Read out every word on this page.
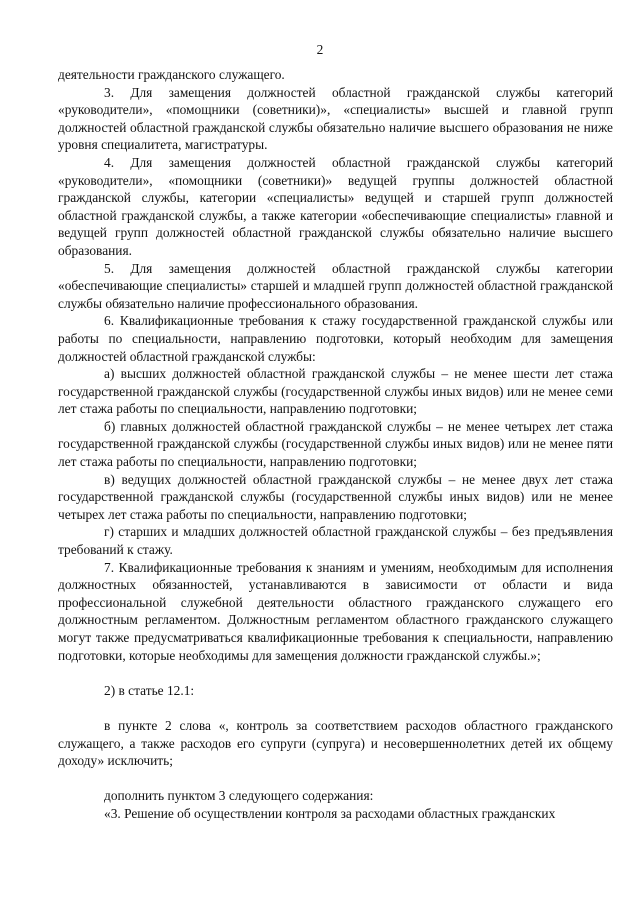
2

деятельности гражданского служащего.

3. Для замещения должностей областной гражданской службы категорий «руководители», «помощники (советники)», «специалисты» высшей и главной групп должностей областной гражданской службы обязательно наличие высшего образования не ниже уровня специалитета, магистратуры.

4. Для замещения должностей областной гражданской службы категорий «руководители», «помощники (советники)» ведущей группы должностей областной гражданской службы, категории «специалисты» ведущей и старшей групп должностей областной гражданской службы, а также категории «обеспечивающие специалисты» главной и ведущей групп должностей областной гражданской службы обязательно наличие высшего образования.

5. Для замещения должностей областной гражданской службы категории «обеспечивающие специалисты» старшей и младшей групп должностей областной гражданской службы обязательно наличие профессионального образования.

6. Квалификационные требования к стажу государственной гражданской службы или работы по специальности, направлению подготовки, который необходим для замещения должностей областной гражданской службы:

а) высших должностей областной гражданской службы – не менее шести лет стажа государственной гражданской службы (государственной службы иных видов) или не менее семи лет стажа работы по специальности, направлению подготовки;

б) главных должностей областной гражданской службы – не менее четырех лет стажа государственной гражданской службы (государственной службы иных видов) или не менее пяти лет стажа работы по специальности, направлению подготовки;

в) ведущих должностей областной гражданской службы – не менее двух лет стажа государственной гражданской службы (государственной службы иных видов) или не менее четырех лет стажа работы по специальности, направлению подготовки;

г) старших и младших должностей областной гражданской службы – без предъявления требований к стажу.

7. Квалификационные требования к знаниям и умениям, необходимым для исполнения должностных обязанностей, устанавливаются в зависимости от области и вида профессиональной служебной деятельности областного гражданского служащего его должностным регламентом. Должностным регламентом областного гражданского служащего могут также предусматриваться квалификационные требования к специальности, направлению подготовки, которые необходимы для замещения должности гражданской службы.»;

2) в статье 12.1:

в пункте 2 слова «, контроль за соответствием расходов областного гражданского служащего, а также расходов его супруги (супруга) и несовершеннолетних детей их общему доходу» исключить;

дополнить пунктом 3 следующего содержания:

«3. Решение об осуществлении контроля за расходами областных гражданских
